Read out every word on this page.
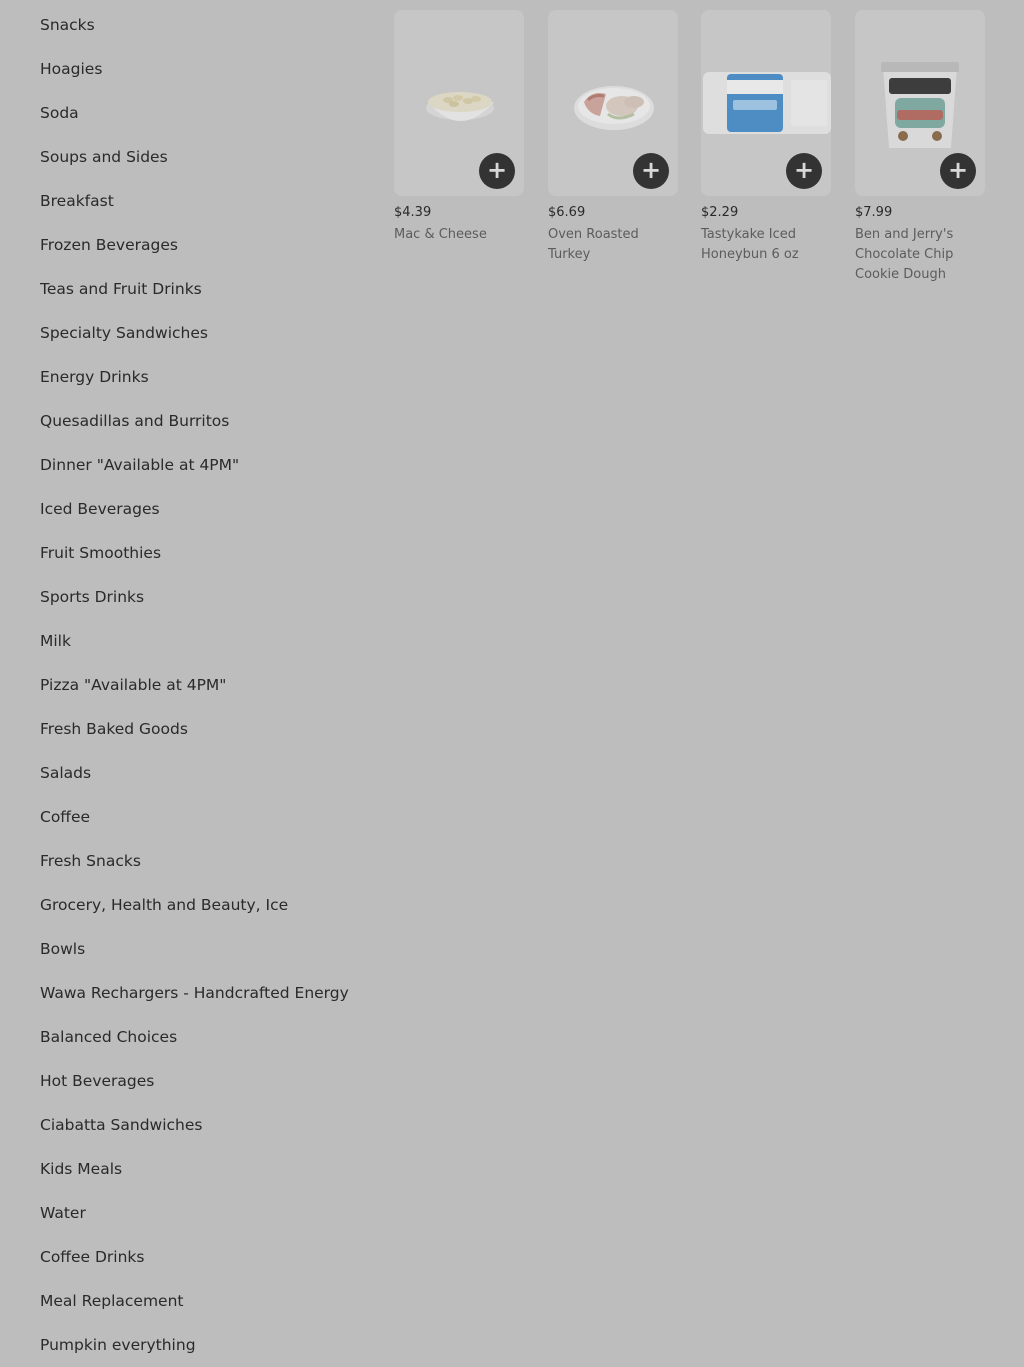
Snacks
Hoagies
Soda
Soups and Sides
Breakfast
Frozen Beverages
Teas and Fruit Drinks
Specialty Sandwiches
Energy Drinks
Quesadillas and Burritos
Dinner "Available at 4PM"
Iced Beverages
Fruit Smoothies
Sports Drinks
Milk
Pizza "Available at 4PM"
Fresh Baked Goods
Salads
Coffee
Fresh Snacks
Grocery, Health and Beauty, Ice
Bowls
Wawa Rechargers - Handcrafted Energy
Balanced Choices
Hot Beverages
Ciabatta Sandwiches
Kids Meals
Water
Coffee Drinks
Meal Replacement
Pumpkin everything
+
$4.39
Mac & Cheese
+
$6.69
Oven Roasted Turkey
+
$2.29
Tastykake Iced Honeybun 6 oz
+
$7.99
Ben and Jerry's Chocolate Chip Cookie Dough
